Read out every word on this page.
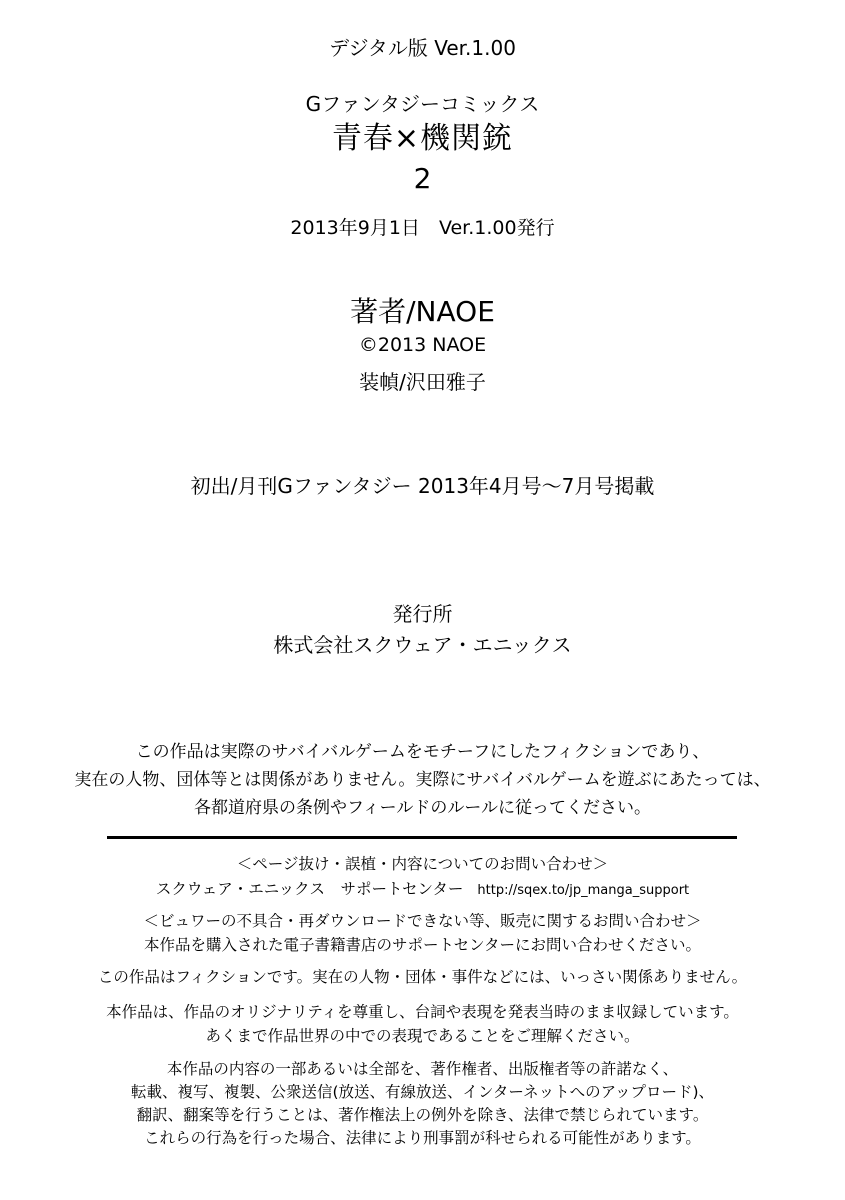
デジタル版 Ver.1.00
Gファンタジーコミックス
青春×機関銃
2
2013年9月1日　Ver.1.00発行
著者/NAOE
©2013 NAOE
装幀/沢田雅子
初出/月刊Gファンタジー 2013年4月号～7月号掲載
発行所
株式会社スクウェア・エニックス
この作品は実際のサバイバルゲームをモチーフにしたフィクションであり、
実在の人物、団体等とは関係がありません。実際にサバイバルゲームを遊ぶにあたっては、
各都道府県の条例やフィールドのルールに従ってください。
＜ページ抜け・誤植・内容についてのお問い合わせ＞
スクウェア・エニックス　サポートセンター http://sqex.to/jp_manga_support
＜ビュワーの不具合・再ダウンロードできない等、販売に関するお問い合わせ＞
本作品を購入された電子書籍書店のサポートセンターにお問い合わせください。
この作品はフィクションです。実在の人物・団体・事件などには、いっさい関係ありません。
本作品は、作品のオリジナリティを尊重し、台詞や表現を発表当時のまま収録しています。
あくまで作品世界の中での表現であることをご理解ください。
本作品の内容の一部あるいは全部を、著作権者、出版権者等の許諾なく、
転載、複写、複製、公衆送信(放送、有線放送、インターネットへのアップロード)、
翻訳、翻案等を行うことは、著作権法上の例外を除き、法律で禁じられています。
これらの行為を行った場合、法律により刑事罰が科せられる可能性があります。
